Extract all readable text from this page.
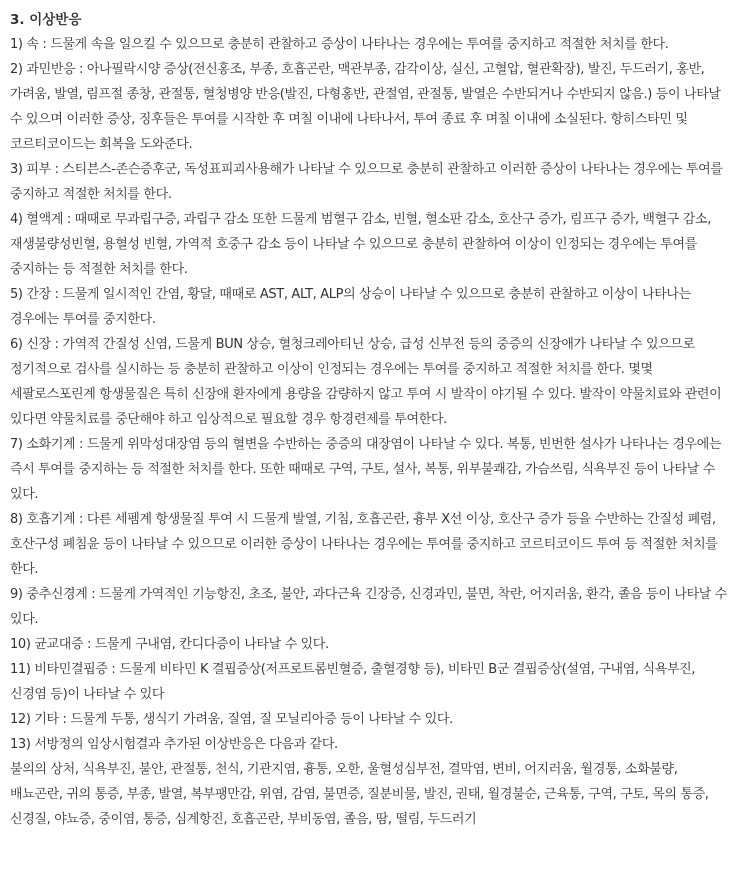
3. 이상반응

1) 속 : 드물게 속을 일으킬 수 있으므로 충분히 관찰하고 증상이 나타나는 경우에는 투여를 중지하고 적절한 처치를 한다.

2) 과민반응 : 아나필락시양 증상(전신홍조, 부종, 호흡곤란, 맥관부종, 감각이상, 실신, 고혈압, 혈관확장), 발진, 두드러기, 홍반, 가려움, 발열, 림프절 종창, 관절통, 혈청병양 반응(발진, 다형홍반, 관절염, 관절통, 발열은 수반되거나 수반되지 않음.) 등이 나타날 수 있으며 이러한 증상, 징후들은 투여를 시작한 후 며칠 이내에 나타나서, 투여 종료 후 며칠 이내에 소실된다. 항히스타민 및 코르티코이드는 회복을 도와준다.

3) 피부 : 스티븐스-존슨증후군, 독성표피괴사용해가 나타날 수 있으므로 충분히 관찰하고 이러한 증상이 나타나는 경우에는 투여를 중지하고 적절한 처치를 한다.

4) 혈액계 : 때때로 무과립구증, 과립구 감소 또한 드물게 범혈구 감소, 빈혈, 혈소판 감소, 호산구 증가, 림프구 증가, 백혈구 감소, 재생불량성빈혈, 용혈성 빈혈, 가역적 호중구 감소 등이 나타날 수 있으므로 충분히 관찰하여 이상이 인정되는 경우에는 투여를 중지하는 등 적절한 처치를 한다.

5) 간장 : 드물게 일시적인 간염, 황달, 때때로 AST, ALT, ALP의 상승이 나타날 수 있으므로 충분히 관찰하고 이상이 나타나는 경우에는 투여를 중지한다.

6) 신장 : 가역적 간질성 신염, 드물게 BUN 상승, 혈청크레아티닌 상승, 급성 신부전 등의 중증의 신장애가 나타날 수 있으므로 정기적으로 검사를 실시하는 등 충분히 관찰하고 이상이 인정되는 경우에는 투여를 중지하고 적절한 처치를 한다. 몇몇 세팔로스포린계 항생물질은 특히 신장애 환자에게 용량을 감량하지 않고 투여 시 발작이 야기될 수 있다. 발작이 약물치료와 관련이 있다면 약물치료를 중단해야 하고 임상적으로 필요할 경우 항경련제를 투여한다.

7) 소화기계 : 드물게 위막성대장염 등의 혈변을 수반하는 중증의 대장염이 나타날 수 있다. 복통, 빈번한 설사가 나타나는 경우에는 즉시 투여를 중지하는 등 적절한 처치를 한다. 또한 때때로 구역, 구토, 설사, 복통, 위부불쾌감, 가슴쓰림, 식욕부진 등이 나타날 수 있다.

8) 호흡기계 : 다른 세펨계 항생물질 투여 시 드물게 발열, 기침, 호흡곤란, 흉부 X선 이상, 호산구 증가 등을 수반하는 간질성 폐렴, 호산구성 폐침윤 등이 나타날 수 있으므로 이러한 증상이 나타나는 경우에는 투여를 중지하고 코르티코이드 투여 등 적절한 처치를 한다.

9) 중추신경계 : 드물게 가역적인 기능항진, 초조, 불안, 과다근육 긴장증, 신경과민, 불면, 착란, 어지러움, 환각, 졸음 등이 나타날 수 있다.

10) 균교대증 : 드물게 구내염, 칸디다증이 나타날 수 있다.

11) 비타민결핍증 : 드물게 비타민 K 결핍증상(저프로트롬빈혈증, 출혈경향 등), 비타민 B군 결핍증상(설염, 구내염, 식욕부진, 신경염 등)이 나타날 수 있다

12) 기타 : 드물게 두통, 생식기 가려움, 질염, 질 모닐리아증 등이 나타날 수 있다.

13) 서방정의 임상시험결과 추가된 이상반응은 다음과 같다.

불의의 상처, 식욕부진, 불안, 관절통, 천식, 기관지염, 흉통, 오한, 울혈성심부전, 결막염, 변비, 어지러움, 월경통, 소화불량, 배뇨곤란, 귀의 통증, 부종, 발열, 복부팽만감, 위염, 감염, 불면증, 질분비물, 발진, 권태, 월경불순, 근육통, 구역, 구토, 목의 통증, 신경질, 야뇨증, 중이염, 통증, 심계항진, 호흡곤란, 부비동염, 졸음, 땀, 떨림, 두드러기
